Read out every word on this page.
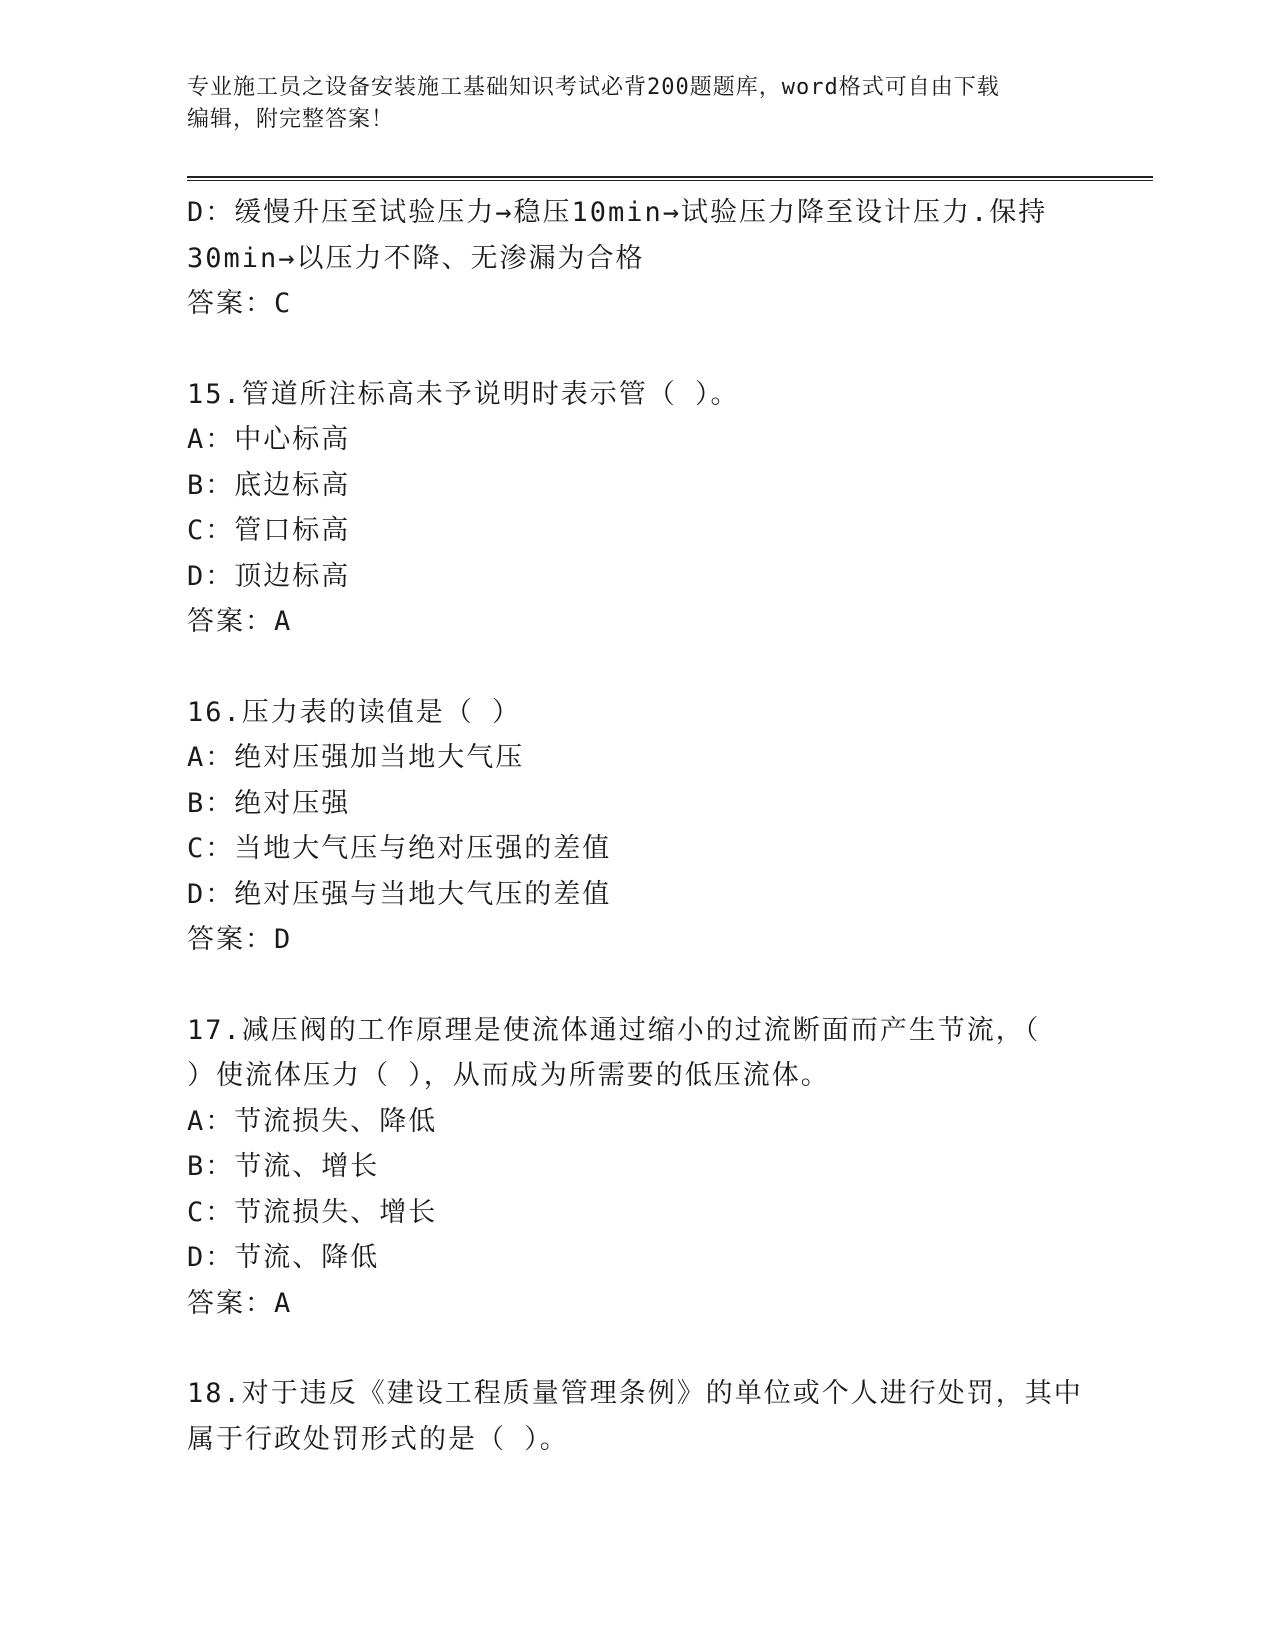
专业施工员之设备安装施工基础知识考试必背200题题库，word格式可自由下载
编辑，附完整答案！
D：缓慢升压至试验压力→稳压10min→试验压力降至设计压力.保持
30min→以压力不降、无渗漏为合格
答案：C
15.管道所注标高未予说明时表示管（ ）。
A：中心标高
B：底边标高
C：管口标高
D：顶边标高
答案：A
16.压力表的读值是（ ）
A：绝对压强加当地大气压
B：绝对压强
C：当地大气压与绝对压强的差值
D：绝对压强与当地大气压的差值
答案：D
17.减压阀的工作原理是使流体通过缩小的过流断面而产生节流，（
）使流体压力（ ），从而成为所需要的低压流体。
A：节流损失、降低
B：节流、增长
C：节流损失、增长
D：节流、降低
答案：A
18.对于违反《建设工程质量管理条例》的单位或个人进行处罚，其中
属于行政处罚形式的是（ ）。
